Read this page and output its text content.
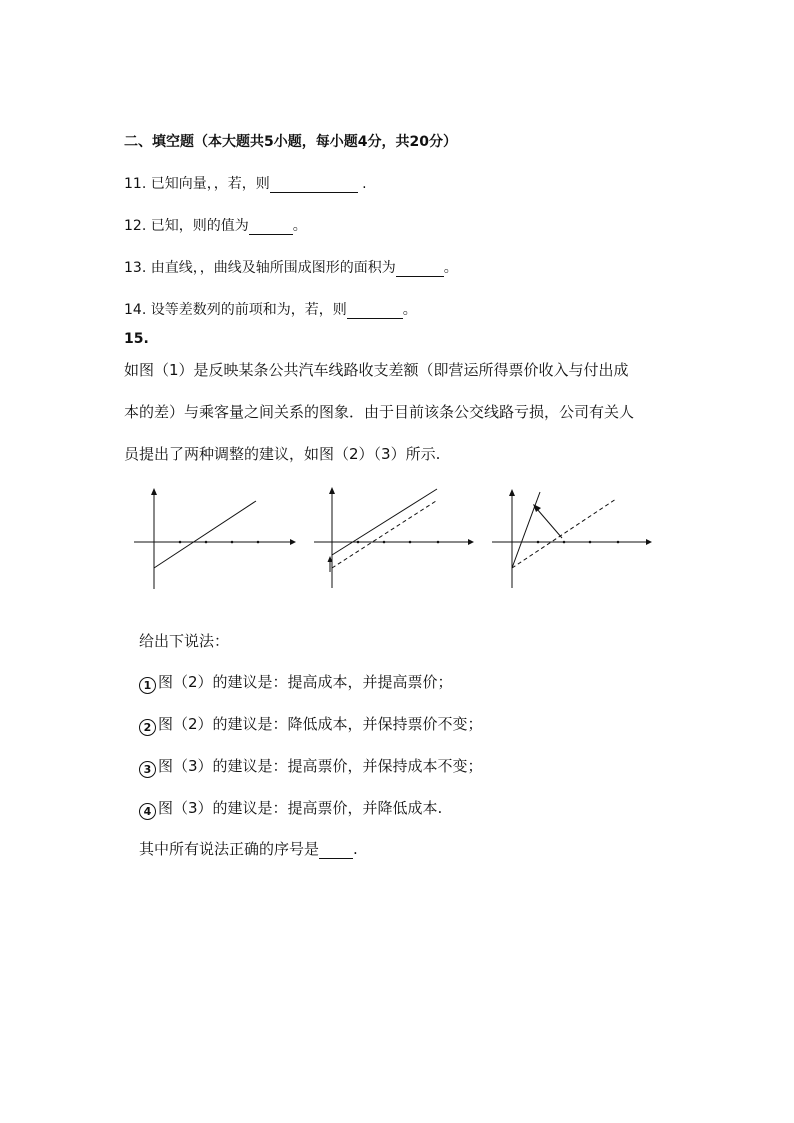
二、填空题（本大题共5小题，每小题4分，共20分）
11. 已知向量，，若，则	.
12. 已知，则的值为	。
13. 由直线，，曲线及轴所围成图形的面积为	。
14. 设等差数列的前项和为，若，则	。
15.
如图（1）是反映某条公共汽车线路收支差额（即营运所得票价收入与付出成
本的差）与乘客量之间关系的图象．由于目前该条公交线路亏损，公司有关人
员提出了两种调整的建议，如图（2）（3）所示.
给出下说法：
1 图（2）的建议是：提高成本，并提高票价；
2 图（2）的建议是：降低成本，并保持票价不变；
3 图（3）的建议是：提高票价，并保持成本不变；
4 图（3）的建议是：提高票价，并降低成本.
其中所有说法正确的序号是 .
